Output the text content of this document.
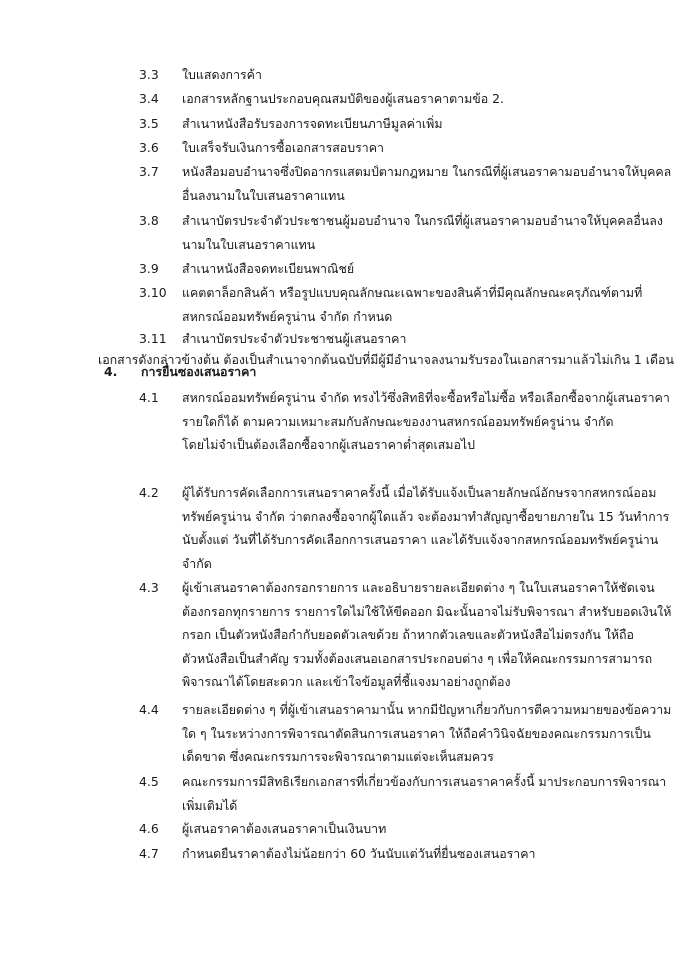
3.3 ใบแสดงการค้า
3.4 เอกสารหลักฐานประกอบคุณสมบัติของผู้เสนอราคาตามข้อ 2.
3.5 สำเนาหนังสือรับรองการจดทะเบียนภาษีมูลค่าเพิ่ม
3.6 ใบเสร็จรับเงินการซื้อเอกสารสอบราคา
3.7 หนังสือมอบอำนาจซึ่งปิดอากรแสตมป์ตามกฎหมาย ในกรณีที่ผู้เสนอราคามอบอำนาจให้บุคคล
อื่นลงนามในใบเสนอราคาแทน
3.8 สำเนาบัตรประจำตัวประชาชนผู้มอบอำนาจ ในกรณีที่ผู้เสนอราคามอบอำนาจให้บุคคลอื่นลง
นามในใบเสนอราคาแทน
3.9 สำเนาหนังสือจดทะเบียนพาณิชย์
3.10 แคตตาล็อกสินค้า หรือรูปแบบคุณลักษณะเฉพาะของสินค้าที่มีคุณลักษณะครุภัณฑ์ตามที่
สหกรณ์ออมทรัพย์ครูน่าน จำกัด กำหนด
3.11 สำเนาบัตรประจำตัวประชาชนผู้เสนอราคา
เอกสารดังกล่าวข้างต้น ต้องเป็นสำเนาจากต้นฉบับที่มีผู้มีอำนาจลงนามรับรองในเอกสารมาแล้วไม่เกิน 1 เดือน
4. การยื่นซองเสนอราคา
4.1 สหกรณ์ออมทรัพย์ครูน่าน จำกัด ทรงไว้ซึ่งสิทธิที่จะซื้อหรือไม่ซื้อ หรือเลือกซื้อจากผู้เสนอราคา
รายใดก็ได้ ตามความเหมาะสมกับลักษณะของงานสหกรณ์ออมทรัพย์ครูน่าน จำกัด
โดยไม่จำเป็นต้องเลือกซื้อจากผู้เสนอราคาต่ำสุดเสมอไป
4.2 ผู้ได้รับการคัดเลือกการเสนอราคาครั้งนี้ เมื่อได้รับแจ้งเป็นลายลักษณ์อักษรจากสหกรณ์ออม
ทรัพย์ครูน่าน จำกัด ว่าตกลงซื้อจากผู้ใดแล้ว จะต้องมาทำสัญญาซื้อขายภายใน 15 วันทำการ
นับตั้งแต่ วันที่ได้รับการคัดเลือกการเสนอราคา และได้รับแจ้งจากสหกรณ์ออมทรัพย์ครูน่าน
จำกัด
4.3 ผู้เข้าเสนอราคาต้องกรอกรายการ และอธิบายรายละเอียดต่าง ๆ ในใบเสนอราคาให้ชัดเจน
ต้องกรอกทุกรายการ รายการใดไม่ใช้ให้ขีดออก มิฉะนั้นอาจไม่รับพิจารณา สำหรับยอดเงินให้
กรอก เป็นตัวหนังสือกำกับยอดตัวเลขด้วย ถ้าหากตัวเลขและตัวหนังสือไม่ตรงกัน ให้ถือ
ตัวหนังสือเป็นสำคัญ รวมทั้งต้องเสนอเอกสารประกอบต่าง ๆ เพื่อให้คณะกรรมการสามารถ
พิจารณาได้โดยสะดวก และเข้าใจข้อมูลที่ชี้แจงมาอย่างถูกต้อง
4.4 รายละเอียดต่าง ๆ ที่ผู้เข้าเสนอราคามานั้น หากมีปัญหาเกี่ยวกับการตีความหมายของข้อความ
ใด ๆ ในระหว่างการพิจารณาตัดสินการเสนอราคา ให้ถือคำวินิจฉัยของคณะกรรมการเป็น
เด็ดขาด ซึ่งคณะกรรมการจะพิจารณาตามแต่จะเห็นสมควร
4.5 คณะกรรมการมีสิทธิเรียกเอกสารที่เกี่ยวข้องกับการเสนอราคาครั้งนี้ มาประกอบการพิจารณา
เพิ่มเติมได้
4.6 ผู้เสนอราคาต้องเสนอราคาเป็นเงินบาท
4.7 กำหนดยืนราคาต้องไม่น้อยกว่า 60 วันนับแต่วันที่ยื่นซองเสนอราคา
